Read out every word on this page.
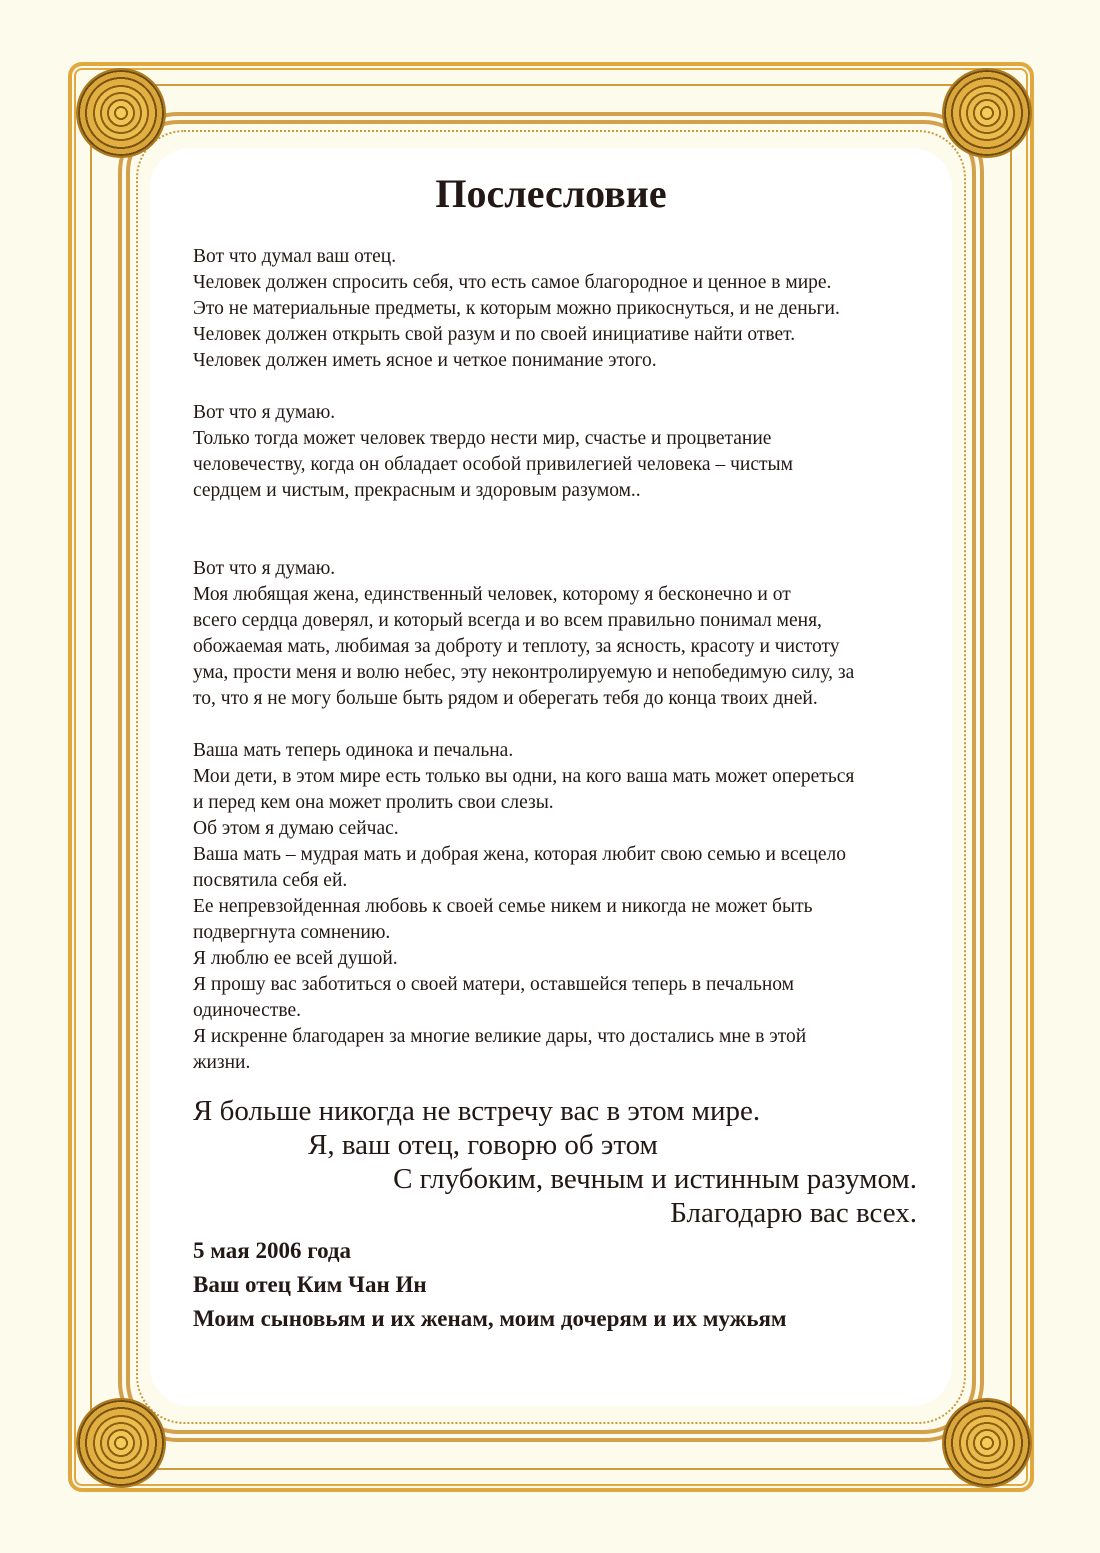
Послесловие
Вот что думал ваш отец.
Человек должен спросить себя, что есть самое благородное и ценное в мире.
Это не материальные предметы, к которым можно прикоснуться, и не деньги.
Человек должен открыть свой разум и по своей инициативе найти ответ.
Человек должен иметь ясное и четкое понимание этого.
Вот что я думаю.
Только тогда может человек твердо нести мир, счастье и процветание
человечеству, когда он обладает особой привилегией человека – чистым
сердцем и чистым, прекрасным и здоровым разумом..
Вот что я думаю.
Моя любящая жена, единственный человек, которому я бесконечно и от
всего сердца доверял, и который всегда и во всем правильно понимал меня,
обожаемая мать, любимая за доброту и теплоту, за ясность, красоту и чистоту
ума, прости меня и волю небес, эту неконтролируемую и непобедимую силу, за
то, что я не могу больше быть рядом и оберегать тебя до конца твоих дней.
Ваша мать теперь одинока и печальна.
Мои дети, в этом мире есть только вы одни, на кого ваша мать может опереться
и перед кем она может пролить свои слезы.
Об этом я думаю сейчас.
Ваша мать – мудрая мать и добрая жена, которая любит свою семью и всецело
посвятила себя ей.
Ее непревзойденная любовь к своей семье никем и никогда не может быть
подвергнута сомнению.
Я люблю ее всей душой.
Я прошу вас заботиться о своей матери, оставшейся теперь в печальном
одиночестве.
Я искренне благодарен за многие великие дары, что достались мне в этой
жизни.
Я больше никогда не встречу вас в этом мире.
Я, ваш отец, говорю об этом
С глубоким, вечным и истинным разумом.
Благодарю вас всех.
5 мая 2006 года
Ваш отец Ким Чан Ин
Моим сыновьям и их женам, моим дочерям и их мужьям
